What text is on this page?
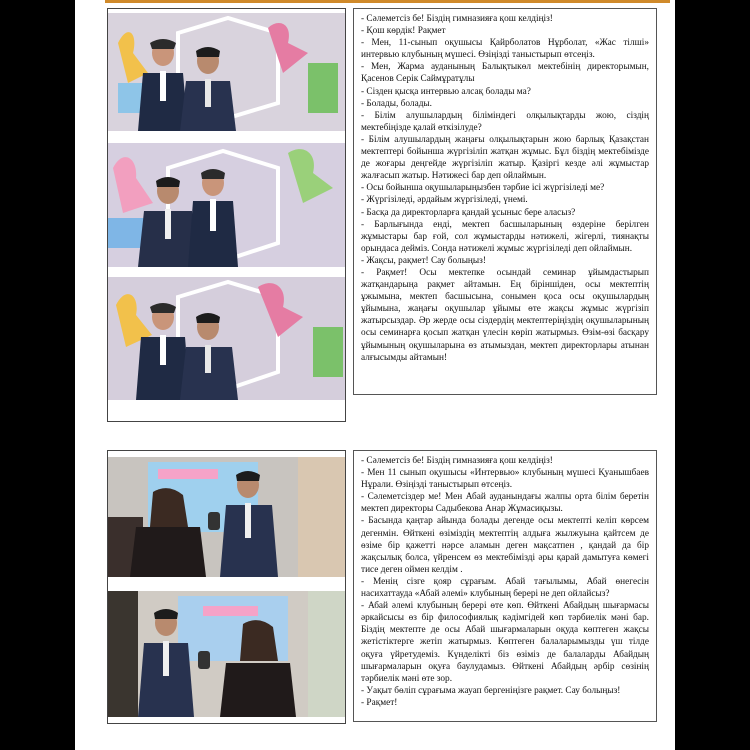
- Сәлеметсіз бе! Біздің гимназияға қош келдіңіз!

- Қош көрдік! Рақмет

- Мен, 11-сынып оқушысы Қайрболатов Нұрболат, «Жас тілші» интервью клубының мүшесі. Өзіңізді таныстырып өтсеңіз.

- Мен, Жарма ауданының Балықтыкөл мектебінің директорымын, Қасенов Серік Саймұратұлы

- Сізден қысқа интервью алсақ болады ма?

- Болады, болады.

- Білім алушылардың біліміндегі олқылықтарды жою, сіздің мектебіңізде қалай өткізілуде?

- Білім алушылардың жаңағы олқылықтарын жою барлық Қазақстан мектептері бойынша жүргізіліп жатқан жұмыс. Бұл біздің мектебімізде де жоғары деңгейде жүргізіліп жатыр. Қазіргі кезде әлі жұмыстар жалғасып жатыр. Нәтижесі бар деп ойлаймын.

- Осы бойынша оқушыларыңызбен тәрбие ісі жүргізіледі ме?

- Жүргізіледі, әрдайым жүргізіледі, үнемі.

- Басқа да директорларға қандай ұсыныс бере аласыз?

- Барлығында енді, мектеп басшыларының өздеріне берілген жұмыстары бар ғой, сол жұмыстарды нәтижелі, жігерлі, тиянақты орындаса дейміз. Сонда нәтижелі жұмыс жүргізіледі деп ойлаймын.

- Жақсы, рақмет! Сау болыңыз!

- Рақмет! Осы мектепке осындай семинар ұйымдастырып жатқандарыңа рақмет айтамын. Ең біріншіден, осы мектептің ұжымына, мектеп басшысына, сонымен қоса осы оқушылардың ұйымына, жаңағы оқушылар ұйымы өте жақсы жұмыс жүргізіп жатырсыздар. Әр жерде осы сіздердің мектептеріңіздің оқушыларының осы семинарға қосып жатқан үлесін көріп жатырмыз. Өзім-өзі басқару ұйымының оқушыларына өз атымыздан, мектеп директорлары атынан алғысымды айтамын!

- Сәлеметсіз бе! Біздің гимназияға қош келдіңіз!

- Мен 11 сынып оқушысы «Интервью» клубының мүшесі Қуанышбаев Нұрали. Өзіңізді таныстырып өтсеңіз.

- Сәлеметсіздер ме! Мен Абай ауданындағы жалпы орта білім беретін мектеп директоры Садыбекова Анар Жұмасиқызы.

- Басында қаңтар айында болады дегенде осы мектепті келіп көрсем дегенмін. Өйткені өзіміздің мектептің алдыға жылжуына қайтсем де өзіме бір қажетті нәрсе аламын деген мақсатпен , қандай да бір жақсылық болса, үйренсем өз мектебімізді әры қарай дамытуға көмегі тисе деген оймен келдім .

- Менің сізге қояр сұрағым. Абай тағылымы, Абай өнегесін насихаттауда «Абай әлемі» клубының берері не деп ойлайсыз?

- Абай әлемі клубының берері өте көп. Өйткені Абайдың шығармасы әркайсысы өз бір философиялық кәдімгідей көп тәрбиелік мәні бар. Біздің мектепте де осы Абай шығармаларын оқуда көптеген жақсы жетістіктерге жетіп жатырмыз. Көптеген балаларымызды үш тілде оқуға үйретудеміз. Күнделікті біз өзіміз де балаларды Абайдың шығармаларын оқуға баулудамыз. Өйткені Абайдың әрбір сөзінің тәрбиелік мәні өте зор.

- Уақыт бөліп сұрағыма жауап бергеніңізге рақмет. Сау болыңыз!

- Рақмет!
